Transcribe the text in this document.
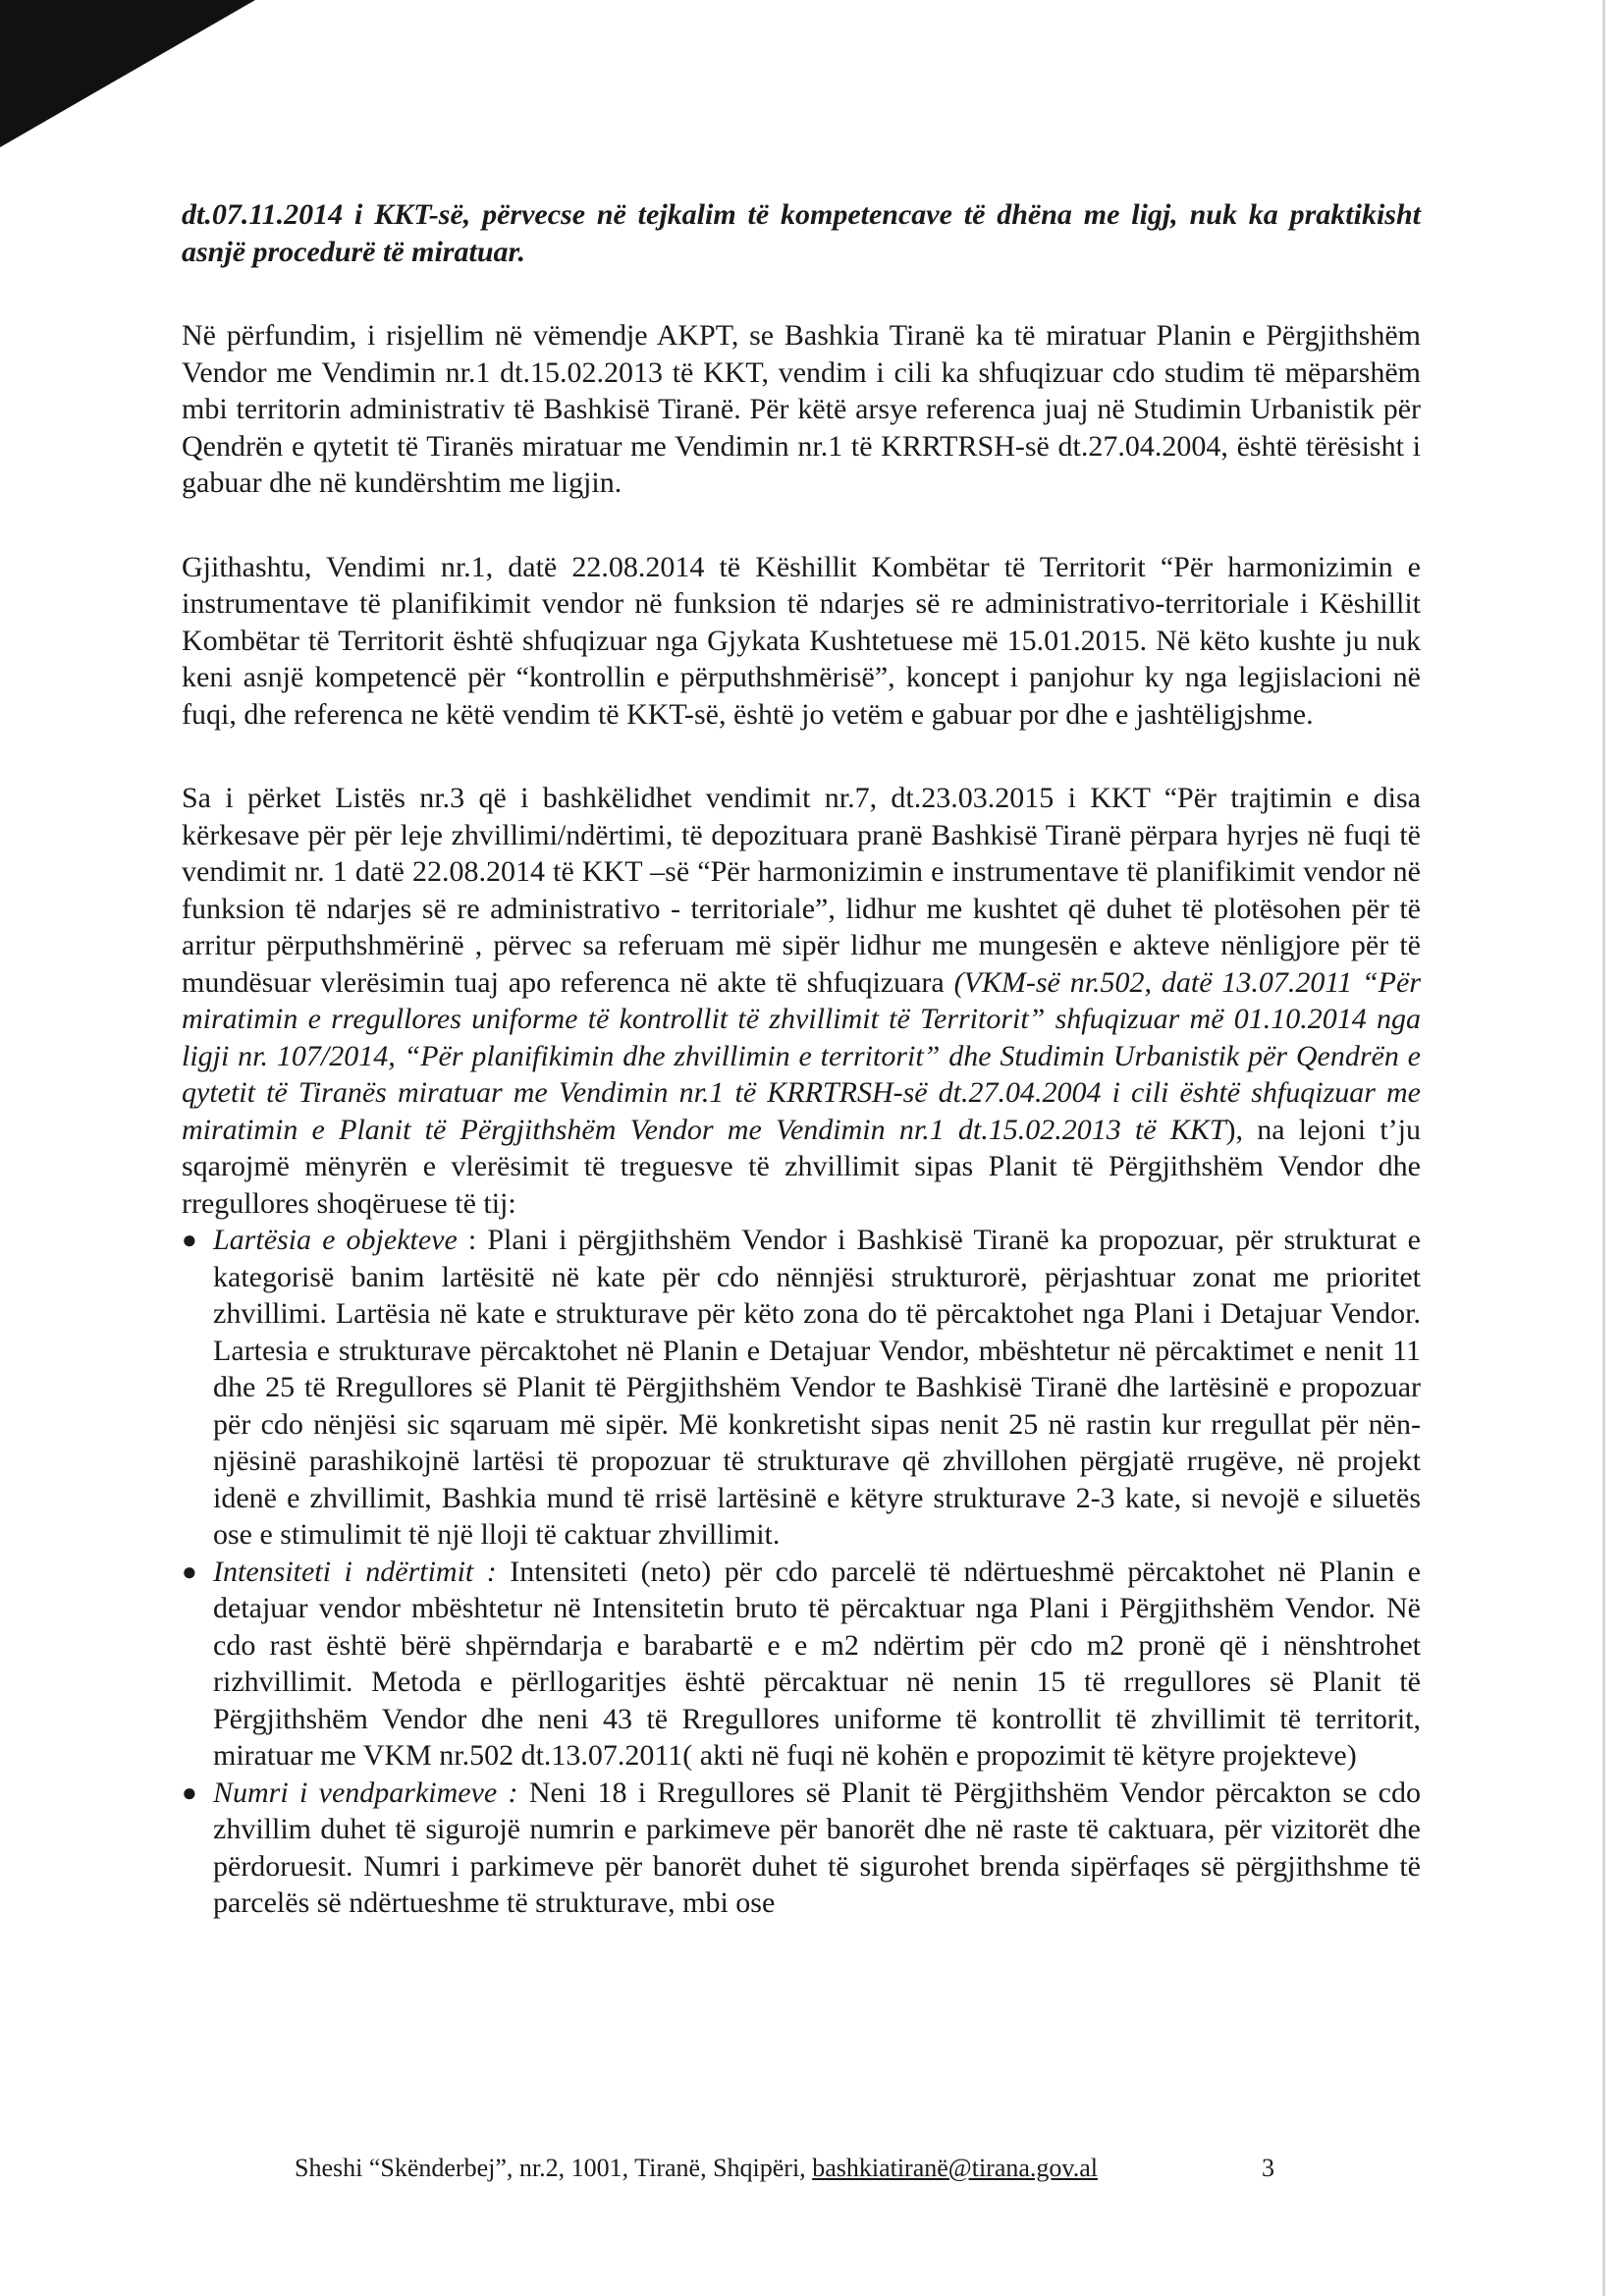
dt.07.11.2014 i KKT-së, përvecse në tejkalim të kompetencave të dhëna me ligj, nuk ka praktikisht asnjë procedurë të miratuar.

Në përfundim, i risjellim në vëmendje AKPT, se Bashkia Tiranë ka të miratuar Planin e Përgjithshëm Vendor me Vendimin nr.1 dt.15.02.2013 të KKT, vendim i cili ka shfuqizuar cdo studim të mëparshëm mbi territorin administrativ të Bashkisë Tiranë. Për këtë arsye referenca juaj në Studimin Urbanistik për Qendrën e qytetit të Tiranës miratuar me Vendimin nr.1 të KRRTRSH-së dt.27.04.2004, është tërësisht i gabuar dhe në kundërshtim me ligjin.

Gjithashtu, Vendimi nr.1, datë 22.08.2014 të Këshillit Kombëtar të Territorit “Për harmonizimin e instrumentave të planifikimit vendor në funksion të ndarjes së re administrativo-territoriale i Këshillit Kombëtar të Territorit është shfuqizuar nga Gjykata Kushtetuese më 15.01.2015. Në këto kushte ju nuk keni asnjë kompetencë për “kontrollin e përputhshmërisë”, koncept i panjohur ky nga legjislacioni në fuqi, dhe referenca ne këtë vendim të KKT-së, është jo vetëm e gabuar por dhe e jashtëligjshme.

Sa i përket Listës nr.3 që i bashkëlidhet vendimit nr.7, dt.23.03.2015 i KKT “Për trajtimin e disa kërkesave për për leje zhvillimi/ndërtimi, të depozituara pranë Bashkisë Tiranë përpara hyrjes në fuqi të vendimit nr. 1 datë 22.08.2014 të KKT –së “Për harmonizimin e instrumentave të planifikimit vendor në funksion të ndarjes së re administrativo - territoriale”, lidhur me kushtet që duhet të plotësohen për të arritur përputhshmërinë , përvec sa referuam më sipër lidhur me mungesën e akteve nënligjore për të mundësuar vlerësimin tuaj apo referenca në akte të shfuqizuara (VKM-së nr.502, datë 13.07.2011 “Për miratimin e rregullores uniforme të kontrollit të zhvillimit të Territorit” shfuqizuar më 01.10.2014 nga ligji nr. 107/2014, “Për planifikimin dhe zhvillimin e territorit” dhe Studimin Urbanistik për Qendrën e qytetit të Tiranës miratuar me Vendimin nr.1 të KRRTRSH-së dt.27.04.2004 i cili është shfuqizuar me miratimin e Planit të Përgjithshëm Vendor me Vendimin nr.1 dt.15.02.2013 të KKT), na lejoni t’ju sqarojmë mënyrën e vlerësimit të treguesve të zhvillimit sipas Planit të Përgjithshëm Vendor dhe rregullores shoqëruese të tij:

● Lartësia e objekteve : Plani i përgjithshëm Vendor i Bashkisë Tiranë ka propozuar, për strukturat e kategorisë banim lartësitë në kate për cdo nënnjësi strukturorë, përjashtuar zonat me prioritet zhvillimi. Lartësia në kate e strukturave për këto zona do të përcaktohet nga Plani i Detajuar Vendor. Lartesia e strukturave përcaktohet në Planin e Detajuar Vendor, mbështetur në përcaktimet e nenit 11 dhe 25 të Rregullores së Planit të Përgjithshëm Vendor te Bashkisë Tiranë dhe lartësinë e propozuar për cdo nënjësi sic sqaruam më sipër. Më konkretisht sipas nenit 25 në rastin kur rregullat për nën-njësinë parashikojnë lartësi të propozuar të strukturave që zhvillohen përgjatë rrugëve, në projekt idenë e zhvillimit, Bashkia mund të rrisë lartësinë e këtyre strukturave 2-3 kate, si nevojë e siluetës ose e stimulimit të një lloji të caktuar zhvillimit.
● Intensiteti i ndërtimit : Intensiteti (neto) për cdo parcelë të ndërtueshmë përcaktohet në Planin e detajuar vendor mbështetur në Intensitetin bruto të përcaktuar nga Plani i Përgjithshëm Vendor. Në cdo rast është bërë shpërndarja e barabartë e e m2 ndërtim për cdo m2 pronë që i nënshtrohet rizhvillimit. Metoda e përllogaritjes është përcaktuar në nenin 15 të rregullores së Planit të Përgjithshëm Vendor dhe neni 43 të Rregullores uniforme të kontrollit të zhvillimit të territorit, miratuar me VKM nr.502 dt.13.07.2011( akti në fuqi në kohën e propozimit të këtyre projekteve)
● Numri i vendparkimeve : Neni 18 i Rregullores së Planit të Përgjithshëm Vendor përcakton se cdo zhvillim duhet të sigurojë numrin e parkimeve për banorët dhe në raste të caktuara, për vizitorët dhe përdoruesit. Numri i parkimeve për banorët duhet të sigurohet brenda sipërfaqes së përgjithshme të parcelës së ndërtueshme të strukturave, mbi ose
Sheshi “Skënderbej”, nr.2, 1001, Tiranë, Shqipëri, bashkiatiranë@tirana.gov.al	3
